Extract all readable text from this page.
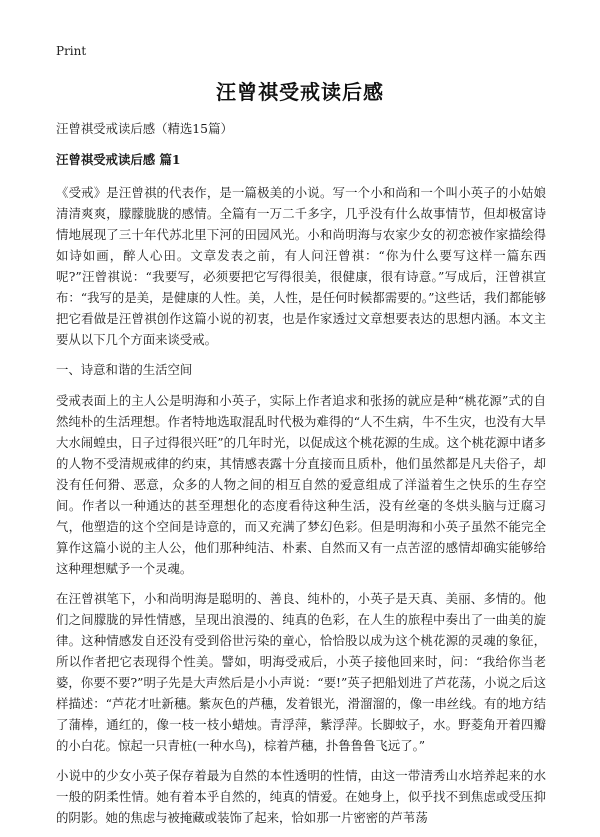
Print
汪曾祺受戒读后感

汪曾祺受戒读后感（精选15篇）

汪曾祺受戒读后感 篇1

《受戒》是汪曾祺的代表作，是一篇极美的小说。写一个小和尚和一个叫小英子的小姑娘清清爽爽，朦朦胧胧的感情。全篇有一万二千多字，几乎没有什么故事情节，但却极富诗情地展现了三十年代苏北里下河的田园风光。小和尚明海与农家少女的初恋被作家描绘得如诗如画，醉人心田。文章发表之前，有人问汪曾祺：“你为什么要写这样一篇东西呢?”汪曾祺说：“我要写，必须要把它写得很美，很健康，很有诗意。”写成后，汪曾祺宣布：“我写的是美，是健康的人性。美，人性，是任何时候都需要的。”这些话，我们都能够把它看做是汪曾祺创作这篇小说的初衷，也是作家透过文章想要表达的思想内涵。本文主要从以下几个方面来谈受戒。

一、诗意和谐的生活空间

受戒表面上的主人公是明海和小英子，实际上作者追求和张扬的就应是种“桃花源”式的自然纯朴的生活理想。作者特地选取混乱时代极为难得的“人不生病，牛不生灾，也没有大旱大水闹蝗虫，日子过得很兴旺”的几年时光，以促成这个桃花源的生成。这个桃花源中诸多的人物不受清规戒律的约束，其情感表露十分直接而且质朴，他们虽然都是凡夫俗子，却没有任何猾、恶意，众多的人物之间的相互自然的爱意组成了洋溢着生之快乐的生存空间。作者以一种通达的甚至理想化的态度看待这种生活，没有丝毫的冬烘头脑与迂腐习气，他塑造的这个空间是诗意的，而又充满了梦幻色彩。但是明海和小英子虽然不能完全算作这篇小说的主人公，他们那种纯洁、朴素、自然而又有一点苦涩的感情却确实能够给这种理想赋予一个灵魂。

在汪曾祺笔下，小和尚明海是聪明的、善良、纯朴的，小英子是天真、美丽、多情的。他们之间朦胧的异性情感，呈现出浪漫的、纯真的色彩，在人生的旅程中奏出了一曲美的旋律。这种情感发自还没有受到俗世污染的童心，恰恰股以成为这个桃花源的灵魂的象征，所以作者把它表现得个性美。譬如，明海受戒后，小英子接他回来时，问：“我给你当老婆，你要不要?”明子先是大声然后是小小声说：“要!”英子把船划进了芦花荡，小说之后这样描述：“芦花才吐新穗。紫灰色的芦穗，发着银光，滑溜溜的，像一串丝线。有的地方结了蒲棒，通红的，像一枝一枝小蜡烛。青浮萍，紫浮萍。长脚蚊子，水。野菱角开着四瓣的小白花。惊起一只青桩(一种水鸟)，棕着芦穗，扑鲁鲁鲁飞远了。”

小说中的少女小英子保存着最为自然的本性透明的性情，由这一带清秀山水培养起来的水一般的阴柔性情。她有着本乎自然的，纯真的情爱。在她身上，似乎找不到焦虑或受压抑的阴影。她的焦虑与被掩藏或装饰了起来，恰如那一片密密的芦苇荡
